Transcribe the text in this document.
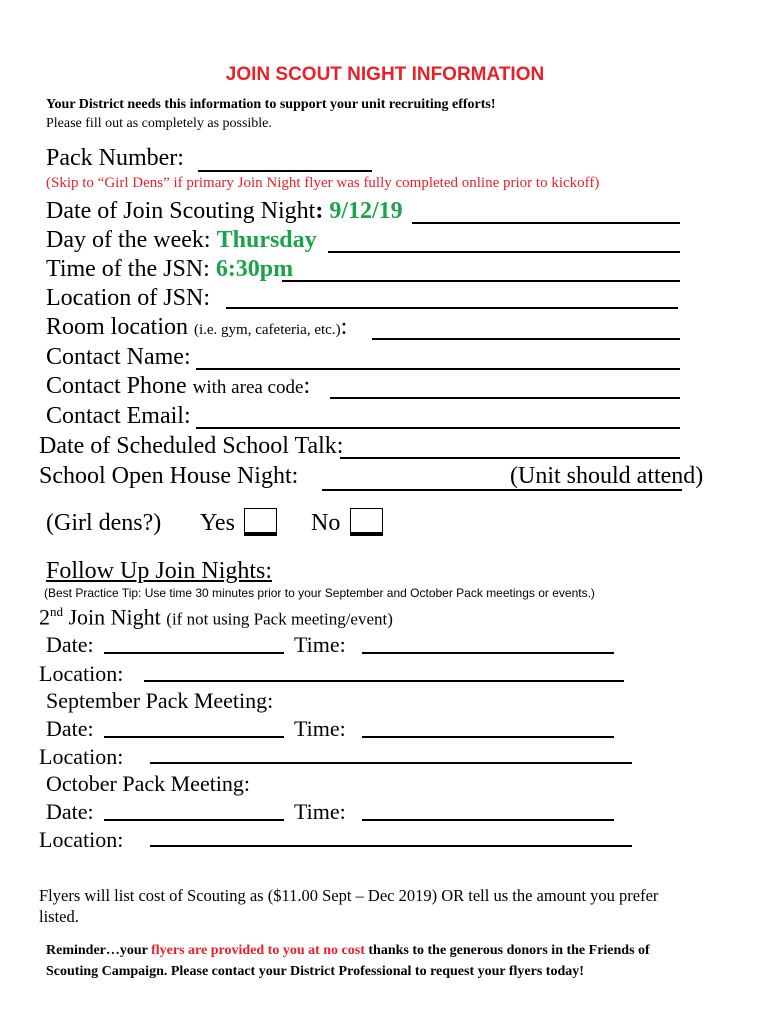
JOIN SCOUT NIGHT INFORMATION
Your District needs this information to support your unit recruiting efforts!
Please fill out as completely as possible.
Pack Number:
(Skip to “Girl Dens” if primary Join Night flyer was fully completed online prior to kickoff)
Date of Join Scouting Night: 9/12/19
Day of the week: Thursday
Time of the JSN: 6:30pm
Location of JSN:
Room location (i.e. gym, cafeteria, etc.):
Contact Name:
Contact Phone with area code:
Contact Email:
Date of Scheduled School Talk:
School Open House Night:	(Unit should attend)
(Girl dens?) Yes	No
Follow Up Join Nights:
(Best Practice Tip: Use time 30 minutes prior to your September and October Pack meetings or events.)
2nd Join Night (if not using Pack meeting/event)
Date:	Time:
Location:
September Pack Meeting:
Date:	Time:
Location:
October Pack Meeting:
Date:	Time:
Location:
Flyers will list cost of Scouting as ($11.00 Sept – Dec 2019) OR tell us the amount you prefer
listed.
Reminder…your flyers are provided to you at no cost thanks to the generous donors in the Friends of
Scouting Campaign. Please contact your District Professional to request your flyers today!
